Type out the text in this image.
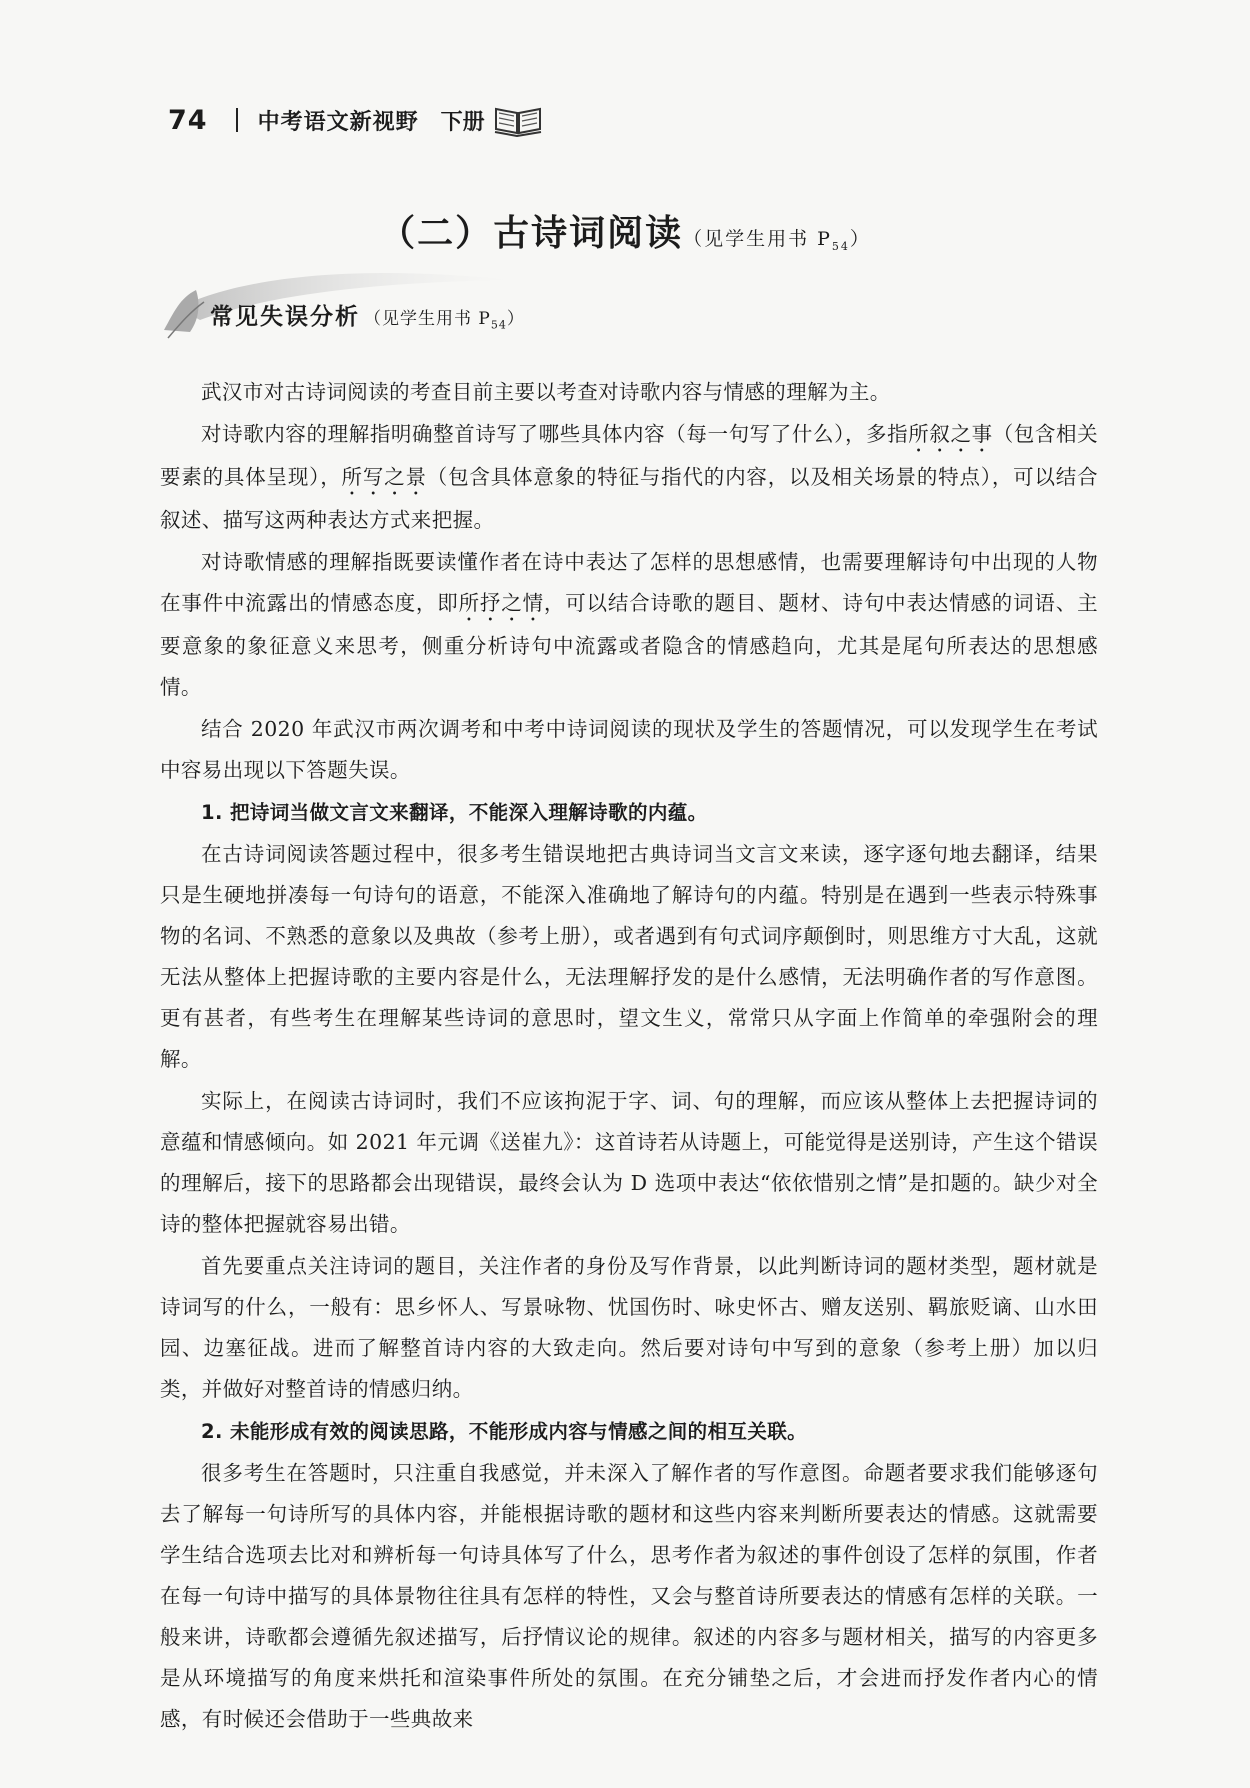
74 中考语文新视野 下册
（二）古诗词阅读（见学生用书 $P_{54}$）
常见失误分析 （见学生用书 $P_{54}$）

武汉市对古诗词阅读的考查目前主要以考查对诗歌内容与情感的理解为主。

对诗歌内容的理解指明确整首诗写了哪些具体内容（每一句写了什么），多指所叙之事（包含相关要素的具体呈现），所写之景（包含具体意象的特征与指代的内容，以及相关场景的特点），可以结合叙述、描写这两种表达方式来把握。

对诗歌情感的理解指既要读懂作者在诗中表达了怎样的思想感情，也需要理解诗句中出现的人物在事件中流露出的情感态度，即所抒之情，可以结合诗歌的题目、题材、诗句中表达情感的词语、主要意象的象征意义来思考，侧重分析诗句中流露或者隐含的情感趋向，尤其是尾句所表达的思想感情。

结合 2020 年武汉市两次调考和中考中诗词阅读的现状及学生的答题情况，可以发现学生在考试中容易出现以下答题失误。

1. 把诗词当做文言文来翻译，不能深入理解诗歌的内蕴。

在古诗词阅读答题过程中，很多考生错误地把古典诗词当文言文来读，逐字逐句地去翻译，结果只是生硬地拼凑每一句诗句的语意，不能深入准确地了解诗句的内蕴。特别是在遇到一些表示特殊事物的名词、不熟悉的意象以及典故（参考上册），或者遇到有句式词序颠倒时，则思维方寸大乱，这就无法从整体上把握诗歌的主要内容是什么，无法理解抒发的是什么感情，无法明确作者的写作意图。更有甚者，有些考生在理解某些诗词的意思时，望文生义，常常只从字面上作简单的牵强附会的理解。

实际上，在阅读古诗词时，我们不应该拘泥于字、词、句的理解，而应该从整体上去把握诗词的意蕴和情感倾向。如 2021 年元调《送崔九》：这首诗若从诗题上，可能觉得是送别诗，产生这个错误的理解后，接下的思路都会出现错误，最终会认为 D 选项中表达“依依惜别之情”是扣题的。缺少对全诗的整体把握就容易出错。

首先要重点关注诗词的题目，关注作者的身份及写作背景，以此判断诗词的题材类型，题材就是诗词写的什么，一般有：思乡怀人、写景咏物、忧国伤时、咏史怀古、赠友送别、羁旅贬谪、山水田园、边塞征战。进而了解整首诗内容的大致走向。然后要对诗句中写到的意象（参考上册）加以归类，并做好对整首诗的情感归纳。

2. 未能形成有效的阅读思路，不能形成内容与情感之间的相互关联。

很多考生在答题时，只注重自我感觉，并未深入了解作者的写作意图。命题者要求我们能够逐句去了解每一句诗所写的具体内容，并能根据诗歌的题材和这些内容来判断所要表达的情感。这就需要学生结合选项去比对和辨析每一句诗具体写了什么，思考作者为叙述的事件创设了怎样的氛围，作者在每一句诗中描写的具体景物往往具有怎样的特性，又会与整首诗所要表达的情感有怎样的关联。一般来讲，诗歌都会遵循先叙述描写，后抒情议论的规律。叙述的内容多与题材相关，描写的内容更多是从环境描写的角度来烘托和渲染事件所处的氛围。在充分铺垫之后，才会进而抒发作者内心的情感，有时候还会借助于一些典故来
